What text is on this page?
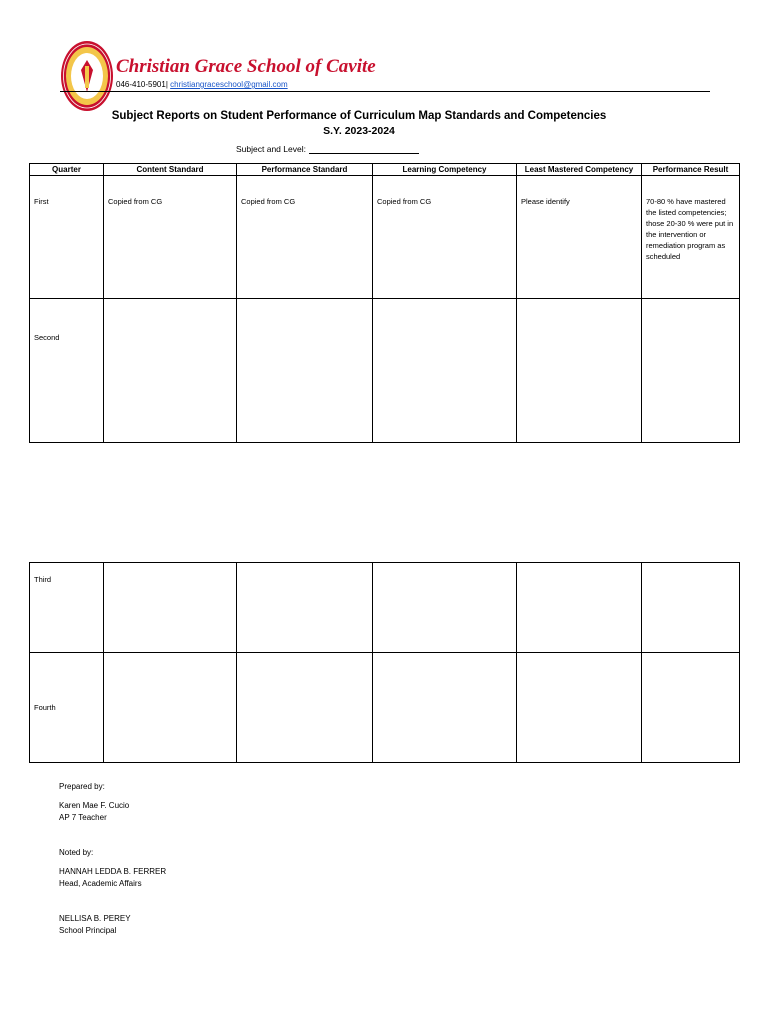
Christian Grace School of Cavite
046-410-5901| christiangraceschool@gmail.com
Subject Reports on Student Performance of Curriculum Map Standards and Competencies
S.Y. 2023-2024
Subject and Level:
Quarter	Content Standard	Performance Standard	Learning Competency	Least Mastered Competency	Performance Result
First	Copied from CG	Copied from CG	Copied from CG	Please identify	70-80 % have mastered the listed competencies; those 20-30 % were put in the intervention or remediation program as scheduled
Second					
Third					
Fourth					
Prepared by:
Karen Mae F. Cucio
AP 7 Teacher
Noted by:
HANNAH LEDDA B. FERRER
Head, Academic Affairs
NELLISA B. PEREY
School Principal
